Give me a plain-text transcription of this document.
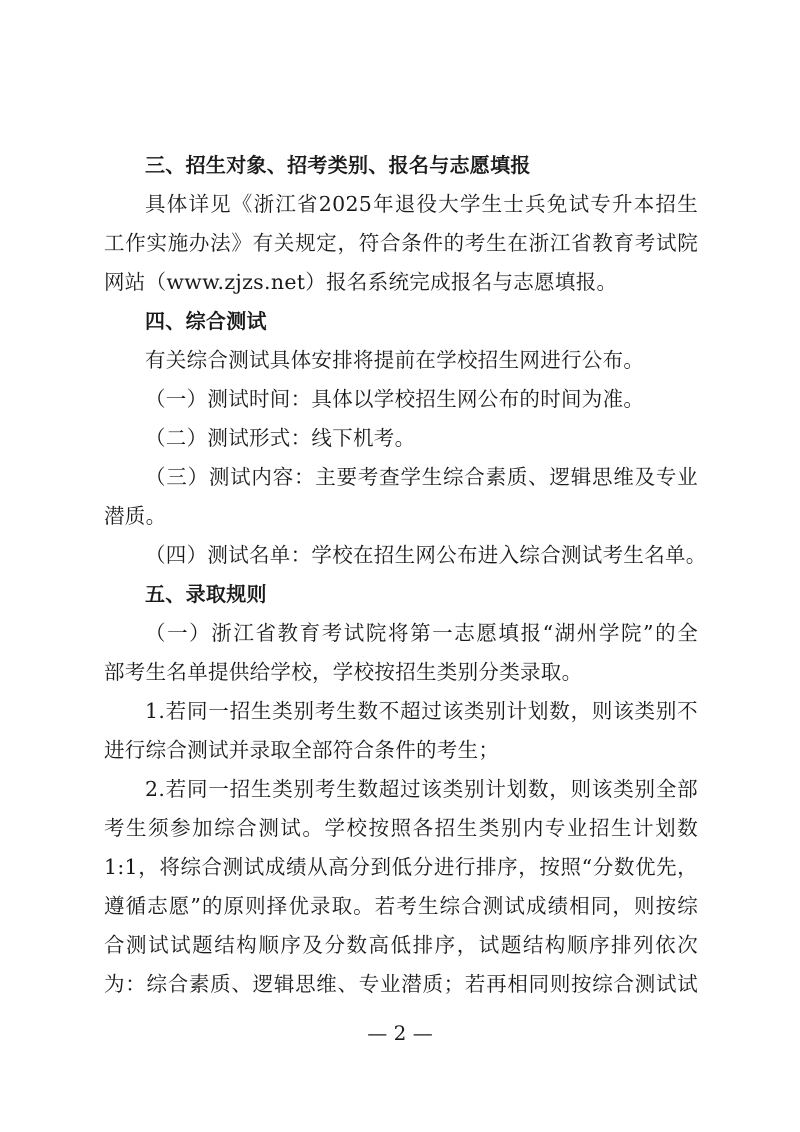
三、招生对象、招考类别、报名与志愿填报
具体详见《浙江省2025年退役大学生士兵免试专升本招生
工作实施办法》有关规定，符合条件的考生在浙江省教育考试院
网站（www.zjzs.net）报名系统完成报名与志愿填报。
四、综合测试
有关综合测试具体安排将提前在学校招生网进行公布。
（一）测试时间：具体以学校招生网公布的时间为准。
（二）测试形式：线下机考。
（三）测试内容：主要考查学生综合素质、逻辑思维及专业
潜质。
（四）测试名单：学校在招生网公布进入综合测试考生名单。
五、录取规则
（一）浙江省教育考试院将第一志愿填报“湖州学院”的全
部考生名单提供给学校，学校按招生类别分类录取。
1.若同一招生类别考生数不超过该类别计划数，则该类别不
进行综合测试并录取全部符合条件的考生；
2.若同一招生类别考生数超过该类别计划数，则该类别全部
考生须参加综合测试。学校按照各招生类别内专业招生计划数
1:1，将综合测试成绩从高分到低分进行排序，按照“分数优先，
遵循志愿”的原则择优录取。若考生综合测试成绩相同，则按综
合测试试题结构顺序及分数高低排序，试题结构顺序排列依次
为：综合素质、逻辑思维、专业潜质；若再相同则按综合测试试
— 2 —
